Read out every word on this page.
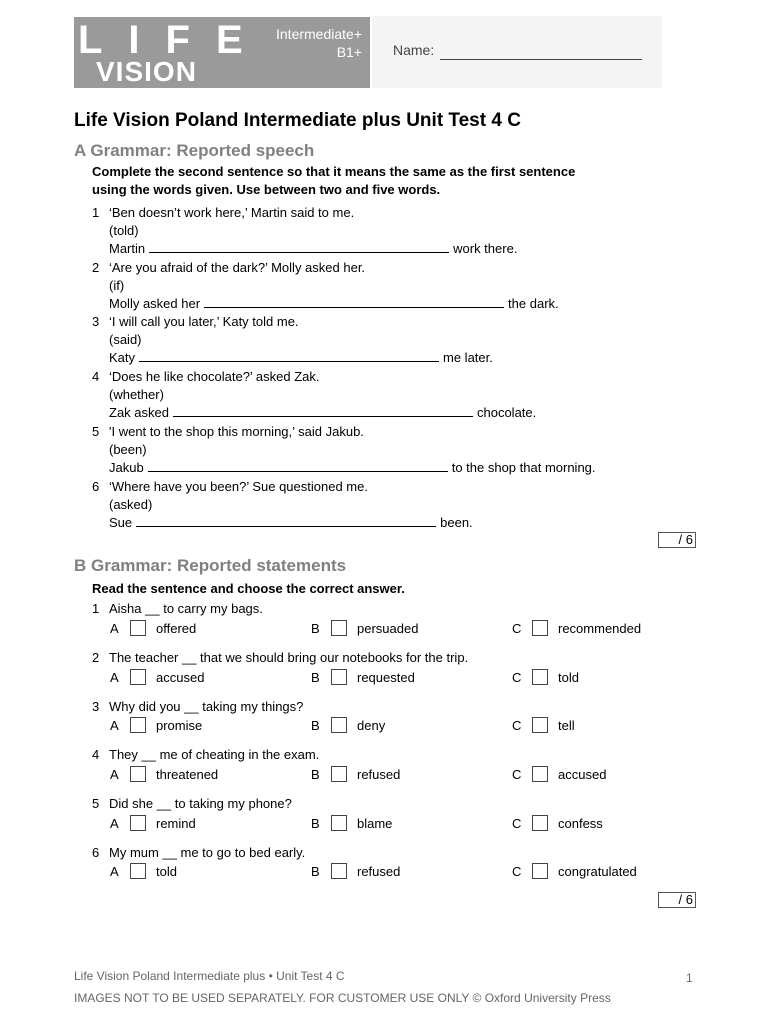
LIFE
VISION
Intermediate+
B1+ Name:
Life Vision Poland Intermediate plus Unit Test 4 C
A Grammar: Reported speech
Complete the second sentence so that it means the same as the first sentence
using the words given. Use between two and five words.
1 ‘Ben doesn’t work here,’ Martin said to me.
(told)
Martin	work there.
2 ‘Are you afraid of the dark?’ Molly asked her.
(if)
Molly asked her	the dark.
3 ‘I will call you later,’ Katy told me.
(said)
Katy	me later.
4 ‘Does he like chocolate?’ asked Zak.
(whether)
Zak asked	chocolate.
5 'I went to the shop this morning,’ said Jakub.
(been)
Jakub	to the shop that morning.
6 ‘Where have you been?’ Sue questioned me.
(asked)
Sue	been.
/ 6
B Grammar: Reported statements
Read the sentence and choose the correct answer.
1 Aisha __ to carry my bags.
A	offered	B	persuaded	C	recommended
2 The teacher __ that we should bring our notebooks for the trip.
A	accused	B	requested	C	told
3 Why did you __ taking my things?
A	promise	B	deny	C	tell
4 They __ me of cheating in the exam.
A	threatened	B	refused	C	accused
5 Did she __ to taking my phone?
A	remind	B	blame	C	confess
6 My mum __ me to go to bed early.
A	told	B	refused	C	congratulated
/ 6
Life Vision Poland Intermediate plus • Unit Test 4 C
IMAGES NOT TO BE USED SEPARATELY. FOR CUSTOMER USE ONLY © Oxford University Press
1
